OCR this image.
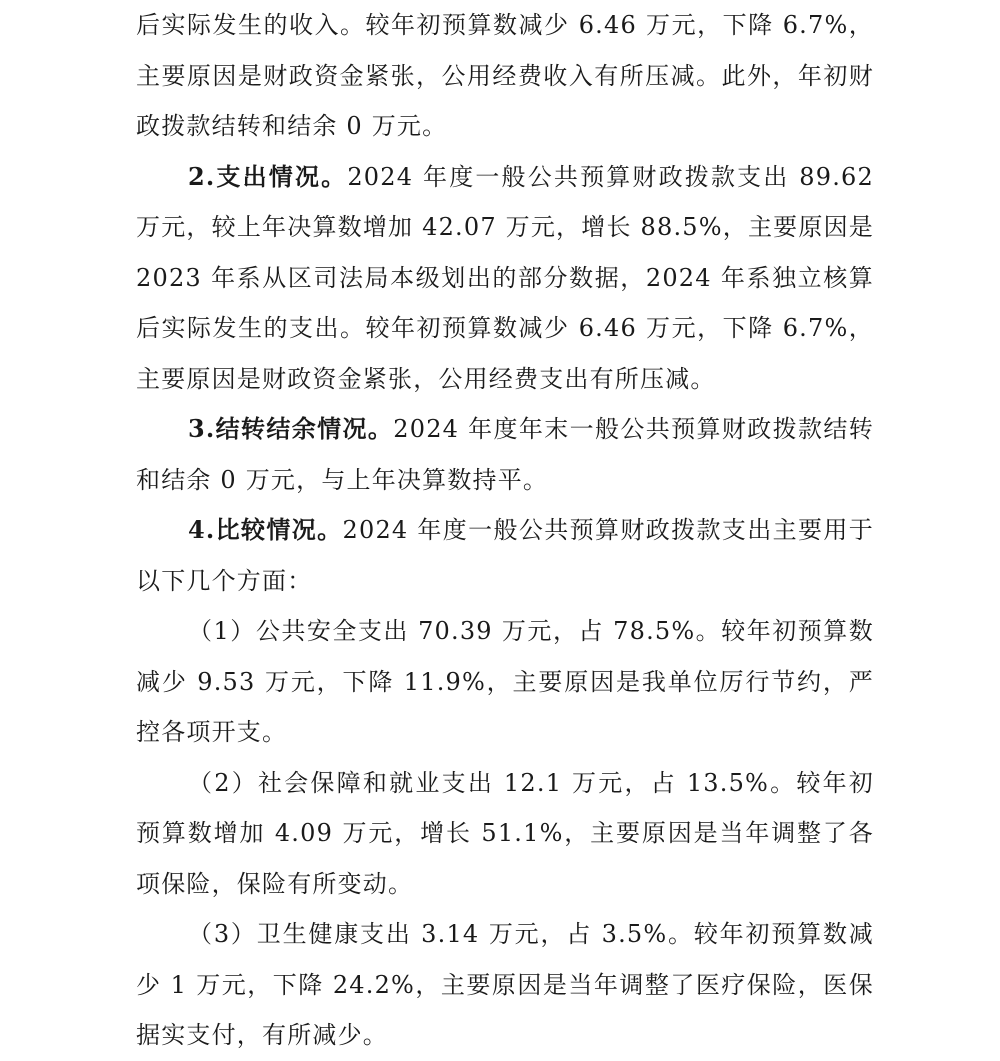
后实际发生的收入。较年初预算数减少 6.46 万元，下降 6.7%，主要原因是财政资金紧张，公用经费收入有所压减。此外，年初财政拨款结转和结余 0 万元。

2.支出情况。2024 年度一般公共预算财政拨款支出 89.62 万元，较上年决算数增加 42.07 万元，增长 88.5%，主要原因是 2023 年系从区司法局本级划出的部分数据，2024 年系独立核算后实际发生的支出。较年初预算数减少 6.46 万元，下降 6.7%，主要原因是财政资金紧张，公用经费支出有所压减。

3.结转结余情况。2024 年度年末一般公共预算财政拨款结转和结余 0 万元，与上年决算数持平。

4.比较情况。2024 年度一般公共预算财政拨款支出主要用于以下几个方面：

（1）公共安全支出 70.39 万元，占 78.5%。较年初预算数减少 9.53 万元，下降 11.9%，主要原因是我单位厉行节约，严控各项开支。

（2）社会保障和就业支出 12.1 万元，占 13.5%。较年初预算数增加 4.09 万元，增长 51.1%，主要原因是当年调整了各项保险，保险有所变动。

（3）卫生健康支出 3.14 万元，占 3.5%。较年初预算数减少 1 万元，下降 24.2%，主要原因是当年调整了医疗保险，医保据实支付，有所减少。
